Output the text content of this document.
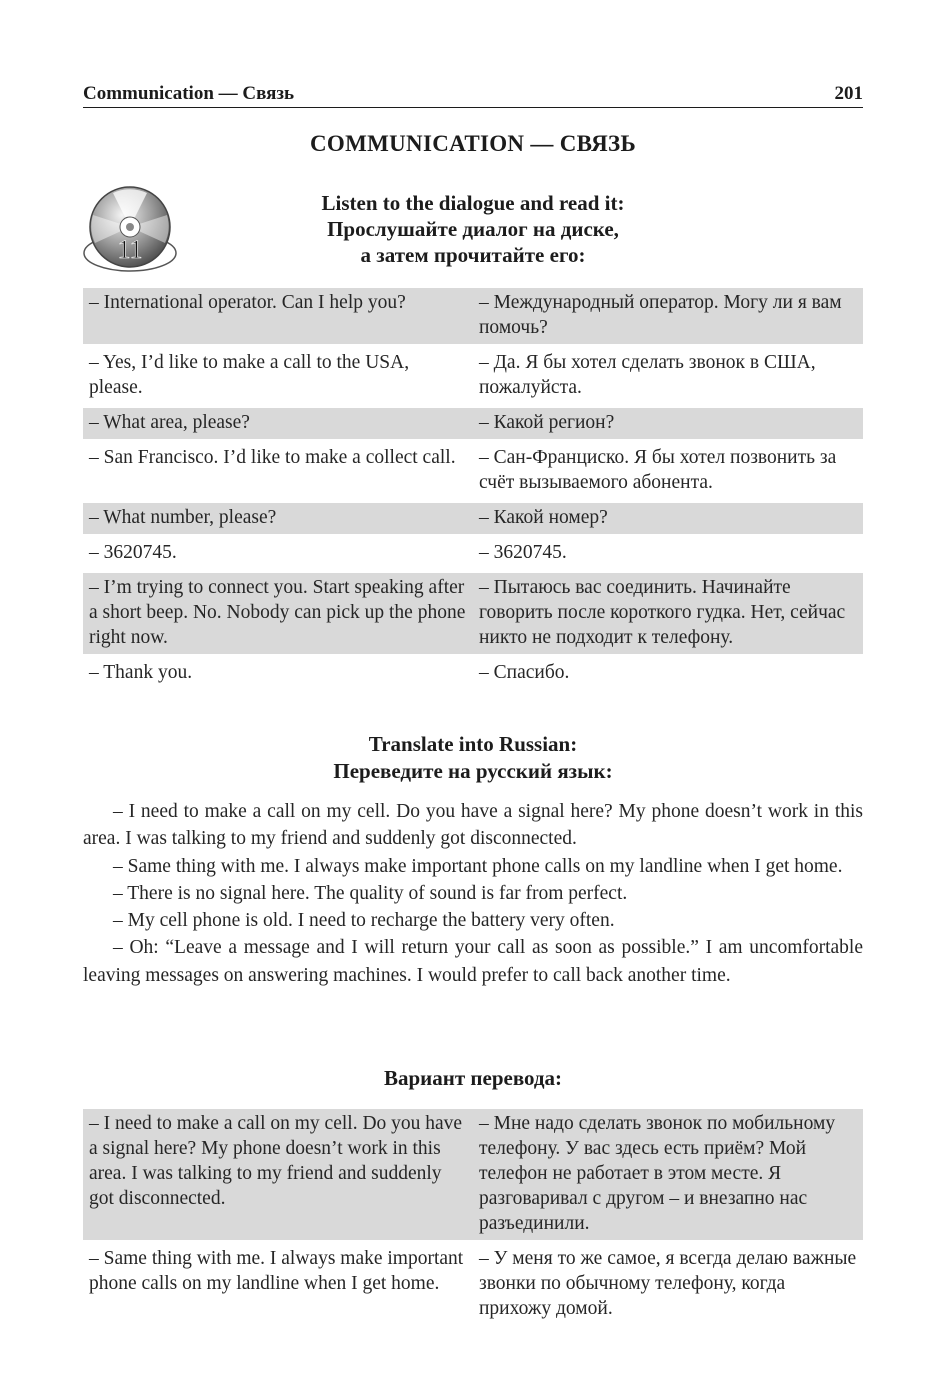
Communication — Связь	201
COMMUNICATION — СВЯЗЬ
11
Listen to the dialogue and read it:
Прослушайте диалог на диске,
а затем прочитайте его:
– International operator. Can I help you?	– Международный оператор. Могу ли я вам помочь?
– Yes, I’d like to make a call to the USA, please.	– Да. Я бы хотел сделать звонок в США, пожалуйста.
– What area, please?	– Какой регион?
– San Francisco. I’d like to make a collect call.	– Сан-Франциско. Я бы хотел позвонить за счёт вызываемого абонента.
– What number, please?	– Какой номер?
– 3620745.	– 3620745.
– I’m trying to connect you. Start speaking after a short beep. No. Nobody can pick up the phone right now.	– Пытаюсь вас соединить. Начинайте говорить после короткого гудка. Нет, сейчас никто не подходит к телефону.
– Thank you.	– Спасибо.
Translate into Russian:
Переведите на русский язык:

– I need to make a call on my cell. Do you have a signal here? My phone doesn’t work in this area. I was talking to my friend and suddenly got disconnected.

– Same thing with me. I always make important phone calls on my landline when I get home.

– There is no signal here. The quality of sound is far from perfect.

– My cell phone is old. I need to recharge the battery very often.

– Oh: “Leave a message and I will return your call as soon as possible.” I am uncomfortable leaving messages on answering machines. I would prefer to call back another time.

Вариант перевода:
– I need to make a call on my cell. Do you have a signal here? My phone doesn’t work in this area. I was talking to my friend and suddenly got disconnected.	– Мне надо сделать звонок по мобильному телефону. У вас здесь есть приём? Мой телефон не работает в этом месте. Я разговаривал с другом – и внезапно нас разъединили.
– Same thing with me. I always make important phone calls on my landline when I get home.	– У меня то же самое, я всегда делаю важные звонки по обычному телефону, когда прихожу домой.
